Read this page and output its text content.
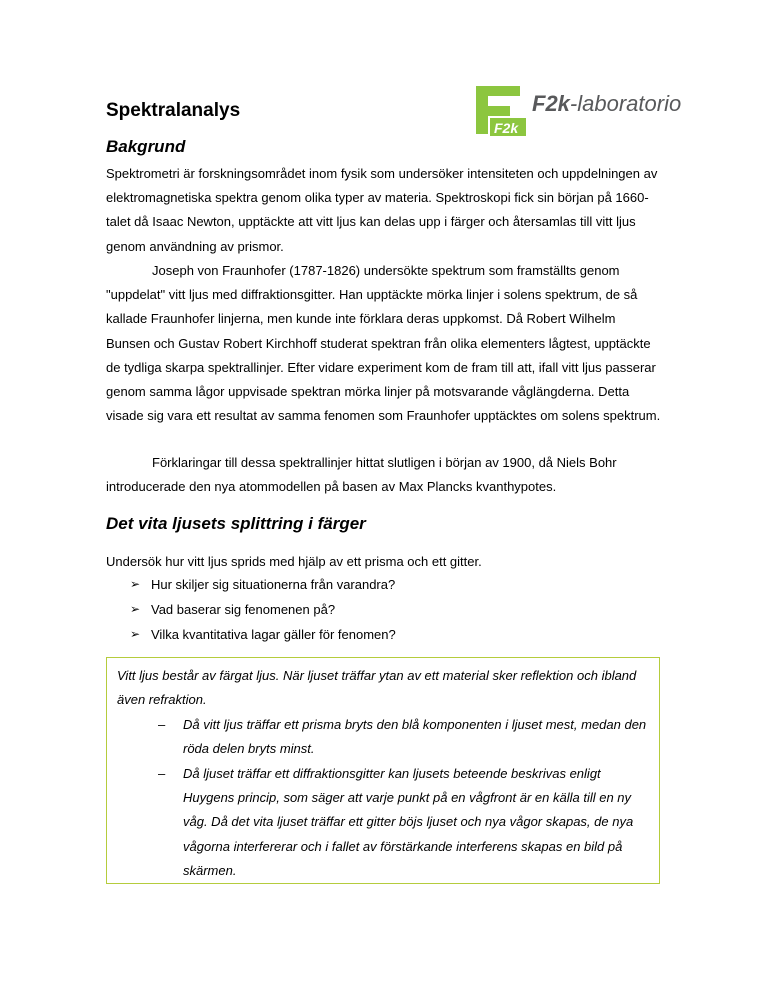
Spektralanalys
F2k
F2k-laboratorio
Bakgrund

Spektrometri är forskningsområdet inom fysik som undersöker intensiteten och uppdelningen av elektromagnetiska spektra genom olika typer av materia. Spektroskopi fick sin början på 1660-talet då Isaac Newton, upptäckte att vitt ljus kan delas upp i färger och återsamlas till vitt ljus genom användning av prismor.

Joseph von Fraunhofer (1787-1826) undersökte spektrum som framställts genom "uppdelat" vitt ljus med diffraktionsgitter. Han upptäckte mörka linjer i solens spektrum, de så kallade Fraunhofer linjerna, men kunde inte förklara deras uppkomst. Då Robert Wilhelm Bunsen och Gustav Robert Kirchhoff studerat spektran från olika elementers lågtest, upptäckte de tydliga skarpa spektrallinjer. Efter vidare experiment kom de fram till att, ifall vitt ljus passerar genom samma lågor uppvisade spektran mörka linjer på motsvarande våglängderna. Detta visade sig vara ett resultat av samma fenomen som Fraunhofer upptäcktes om solens spektrum.

Förklaringar till dessa spektrallinjer hittat slutligen i början av 1900, då Niels Bohr introducerade den nya atommodellen på basen av Max Plancks kvanthypotes.

Det vita ljusets splittring i färger

Undersök hur vitt ljus sprids med hjälp av ett prisma och ett gitter.

➢ Hur skiljer sig situationerna från varandra?
➢ Vad baserar sig fenomenen på?
➢ Vilka kvantitativa lagar gäller för fenomen?

Vitt ljus består av färgat ljus. När ljuset träffar ytan av ett material sker reflektion och ibland även refraktion.

– Då vitt ljus träffar ett prisma bryts den blå komponenten i ljuset mest, medan den röda delen bryts minst.

– Då ljuset träffar ett diffraktionsgitter kan ljusets beteende beskrivas enligt Huygens princip, som säger att varje punkt på en vågfront är en källa till en ny våg. Då det vita ljuset träffar ett gitter böjs ljuset och nya vågor skapas, de nya vågorna interfererar och i fallet av förstärkande interferens skapas en bild på skärmen.
